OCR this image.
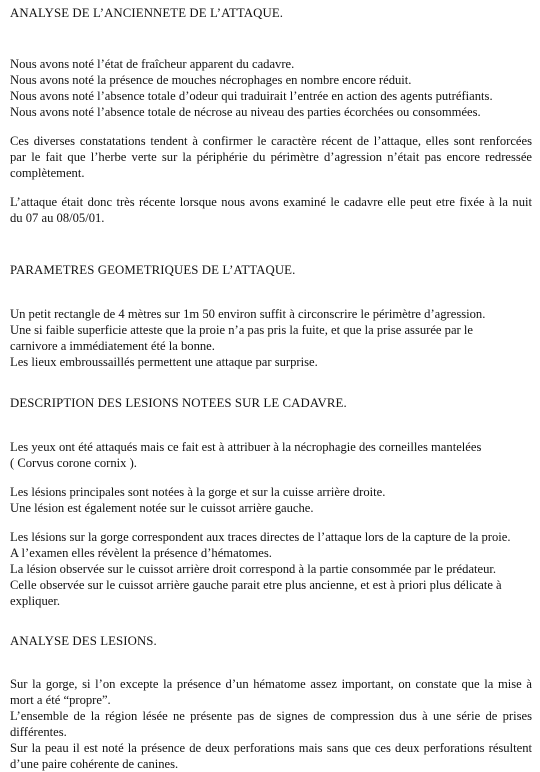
ANALYSE DE L’ANCIENNETE DE L’ATTAQUE.
Nous avons noté l’état de fraîcheur apparent du cadavre.
Nous avons noté la présence de mouches nécrophages en nombre encore réduit.
Nous avons noté l’absence totale d’odeur qui traduirait l’entrée en action des agents putréfiants.
Nous avons noté l’absence totale de nécrose au niveau des parties écorchées ou consommées.
Ces diverses constatations tendent à confirmer le caractère récent de l’attaque, elles sont renforcées
par le fait que l’herbe verte sur la périphérie du périmètre d’agression n’était pas encore redressée
complètement.
L’attaque était donc très récente lorsque nous avons examiné le cadavre elle peut etre fixée à la nuit
du 07 au 08/05/01.
PARAMETRES GEOMETRIQUES DE L’ATTAQUE.
Un petit rectangle de 4 mètres sur 1m 50 environ suffit à circonscrire le périmètre d’agression.
Une si faible superficie atteste que la proie n’a pas pris la fuite, et que la prise assurée par le
carnivore a immédiatement été la bonne.
Les lieux embroussaillés permettent une attaque par surprise.
DESCRIPTION DES LESIONS NOTEES SUR LE CADAVRE.
Les yeux ont été attaqués mais ce fait est à attribuer à la nécrophagie des corneilles mantelées
( Corvus corone cornix ).
Les lésions principales sont notées à la gorge et sur la cuisse arrière droite.
Une lésion est également notée sur le cuissot arrière gauche.
Les lésions sur la gorge correspondent aux traces directes de l’attaque lors de la capture de la proie.
A l’examen elles révèlent la présence d’hématomes.
La lésion observée sur le cuissot arrière droit correspond à la partie consommée par le prédateur.
Celle observée sur le cuissot arrière gauche parait etre plus ancienne, et est à priori plus délicate à
expliquer.
ANALYSE DES LESIONS.
Sur la gorge, si l’on excepte la présence d’un hématome assez important, on constate que la mise à
mort a été “propre”.
L’ensemble de la région lésée ne présente pas de signes de compression dus à une série de prises
différentes.
Sur la peau il est noté la présence de deux perforations mais sans que ces deux perforations résultent
d’une paire cohérente de canines.
